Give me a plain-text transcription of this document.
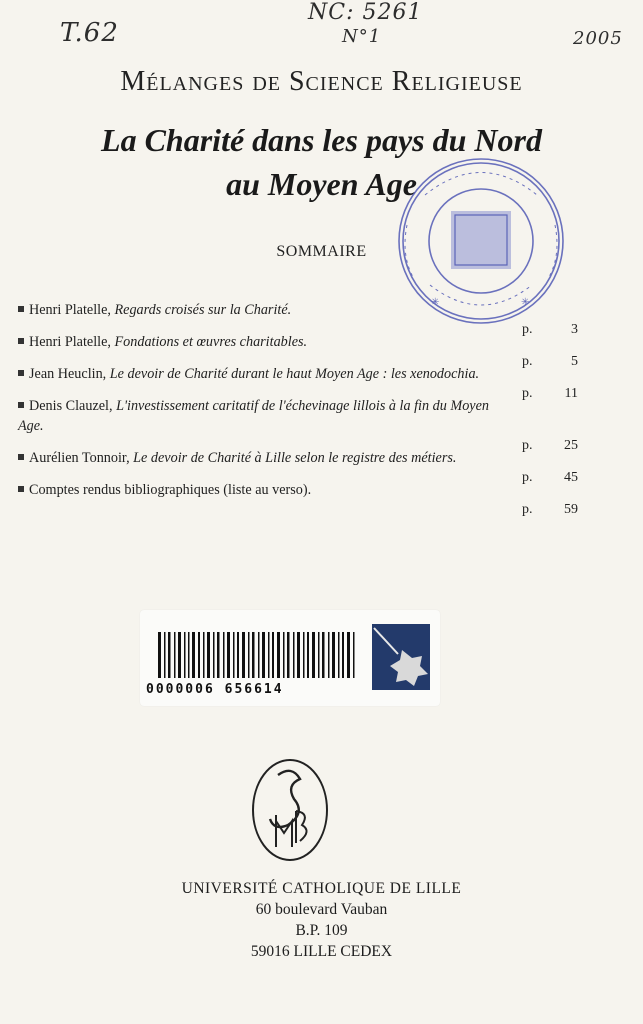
T.62
NC: 5261
N°1	2005
Mélanges de Science Religieuse
La Charité dans les pays du Nord
au Moyen Age
✳	✳
SOMMAIRE
Henri Platelle, Regards croisés sur la Charité.
p.	3
Henri Platelle, Fondations et œuvres charitables.
p.	5
Jean Heuclin, Le devoir de Charité durant le haut Moyen Age : les xenodochia.
p. 11
Denis Clauzel, L'investissement caritatif de l'échevinage lillois à la fin du Moyen Age.
p. 25
Aurélien Tonnoir, Le devoir de Charité à Lille selon le registre des métiers.
p. 45
Comptes rendus bibliographiques (liste au verso).
p. 59
0000006 656614
UNIVERSITÉ CATHOLIQUE DE LILLE
60 boulevard Vauban
B.P. 109
59016 LILLE CEDEX
